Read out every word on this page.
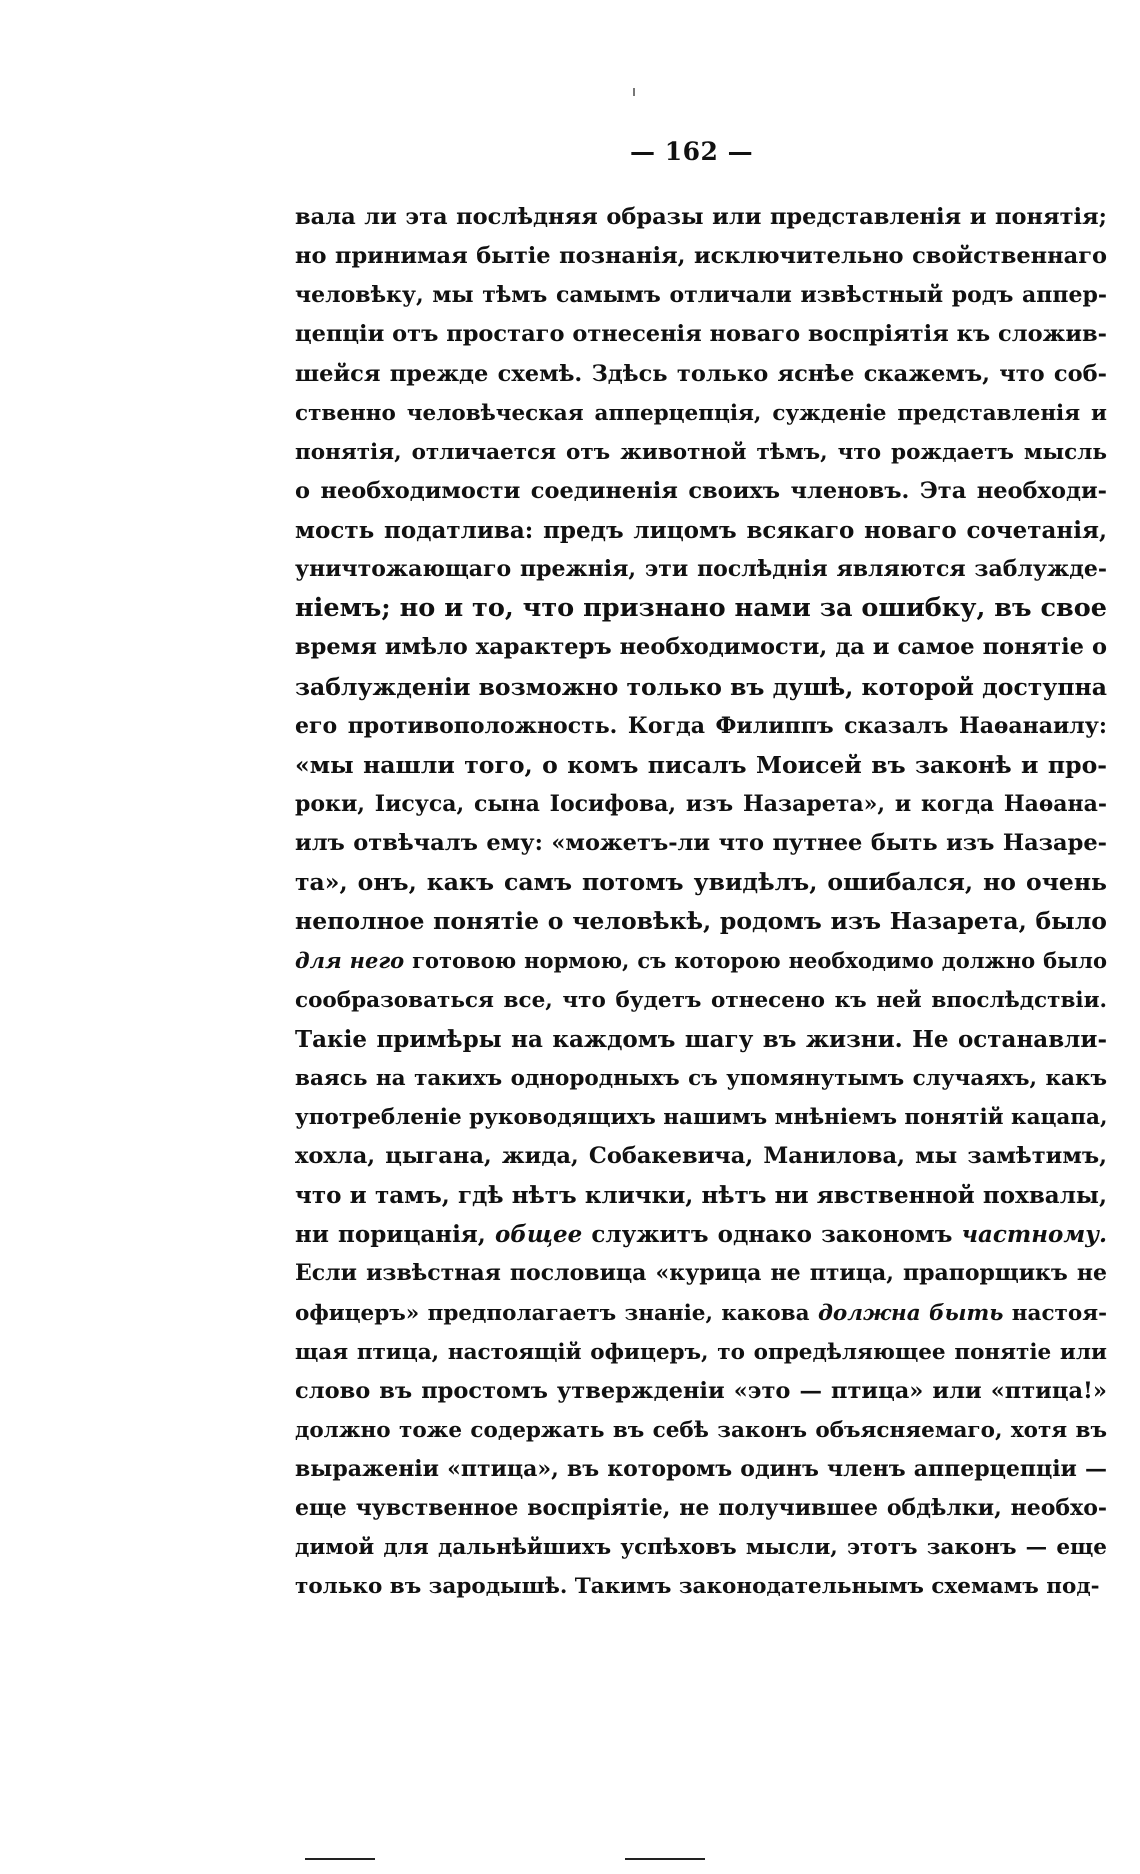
— 162 —
вала ли эта послѣдняя образы или представленія и понятія;
но принимая бытіе познанія, исключительно свойственнаго
человѣку, мы тѣмъ самымъ отличали извѣстный родъ аппер-
цепціи отъ простаго отнесенія новаго воспріятія къ сложив-
шейся прежде схемѣ. Здѣсь только яснѣе скажемъ, что соб-
ственно человѣческая апперцепція, сужденіе представленія и
понятія, отличается отъ животной тѣмъ, что рождаетъ мысль
о необходимости соединенія своихъ членовъ. Эта необходи-
мость податлива: предъ лицомъ всякаго новаго сочетанія,
уничтожающаго прежнія, эти послѣднія являются заблужде-
ніемъ; но и то, что признано нами за ошибку, въ свое
время имѣло характеръ необходимости, да и самое понятіе о
заблужденіи возможно только въ душѣ, которой доступна
его противоположность. Когда Филиппъ сказалъ Наѳанаилу:
«мы нашли того, о комъ писалъ Моисей въ законѣ и про-
роки, Іисуса, сына Іосифова, изъ Назарета», и когда Наѳана-
илъ отвѣчалъ ему: «можетъ-ли что путнее быть изъ Назаре-
та», онъ, какъ самъ потомъ увидѣлъ, ошибался, но очень
неполное понятіе о человѣкѣ, родомъ изъ Назарета, было
для него готовою нормою, съ которою необходимо должно было
сообразоваться все, что будетъ отнесено къ ней впослѣдствіи.
Такіе примѣры на каждомъ шагу въ жизни. Не останавли-
ваясь на такихъ однородныхъ съ упомянутымъ случаяхъ, какъ
употребленіе руководящихъ нашимъ мнѣніемъ понятій кацапа,
хохла, цыгана, жида, Собакевича, Манилова, мы замѣтимъ,
что и тамъ, гдѣ нѣтъ клички, нѣтъ ни явственной похвалы,
ни порицанія, общее служитъ однако закономъ частному.
Если извѣстная пословица «курица не птица, прапорщикъ не
офицеръ» предполагаетъ знаніе, какова должна быть настоя-
щая птица, настоящій офицеръ, то опредѣляющее понятіе или
слово въ простомъ утвержденіи «это — птица» или «птица!»
должно тоже содержать въ себѣ законъ объясняемаго, хотя въ
выраженіи «птица», въ которомъ одинъ членъ апперцепціи —
еще чувственное воспріятіе, не получившее обдѣлки, необхо-
димой для дальнѣйшихъ успѣховъ мысли, этотъ законъ — еще
только въ зародышѣ. Такимъ законодательнымъ схемамъ под-
